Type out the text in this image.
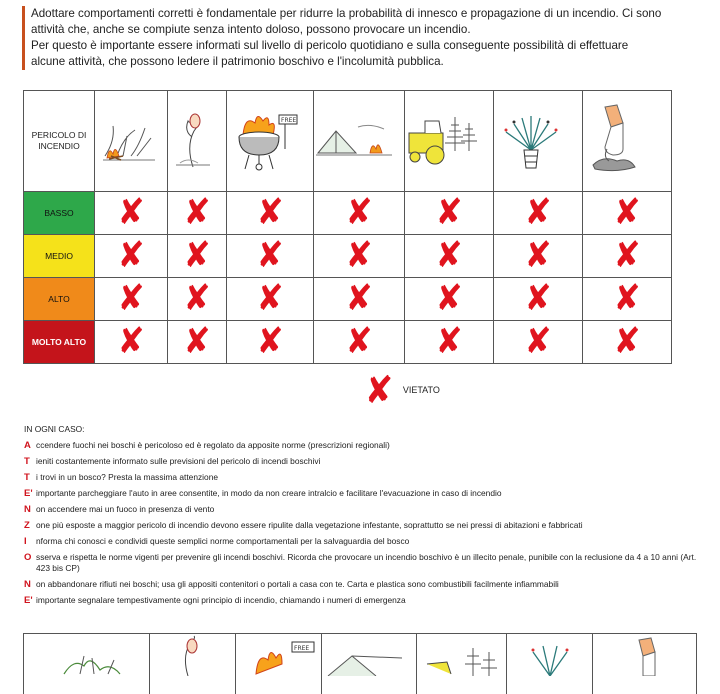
Adottare comportamenti corretti è fondamentale per ridurre la probabilità di innesco e propagazione di un incendio. Ci sono

attività che, anche se compiute senza intento doloso, possono provocare un incendio.

Per questo è importante essere informati sul livello di pericolo quotidiano e sulla conseguente possibilità di effettuare

alcune attività, che possono ledere il patrimonio boschivo e l'incolumità pubblica.

PERICOLO DI
INCENDIO			FREE

BASSO	✘	✘	✘	✘	✘	✘	✘
MEDIO	✘	✘	✘	✘	✘	✘	✘
ALTO	✘	✘	✘	✘	✘	✘	✘
MOLTO ALTO	✘	✘	✘	✘	✘	✘	✘
✘ VIETATO
IN OGNI CASO:
A ccendere fuochi nei boschi è pericoloso ed è regolato da apposite norme (prescrizioni regionali)
T ieniti costantemente informato sulle previsioni del pericolo di incendi boschivi
T i trovi in un bosco? Presta la massima attenzione
E' importante parcheggiare l'auto in aree consentite, in modo da non creare intralcio e facilitare l'evacuazione in caso di incendio
N on accendere mai un fuoco in presenza di vento
Z one più esposte a maggior pericolo di incendio devono essere ripulite dalla vegetazione infestante, soprattutto se nei pressi di abitazioni e fabbricati
I	nforma chi conosci e condividi queste semplici norme comportamentali per la salvaguardia del bosco
O sserva e rispetta le norme vigenti per prevenire gli incendi boschivi. Ricorda che provocare un incendio boschivo è un illecito penale, punibile con la reclusione da 4 a 10 anni (Art. 423 bis CP)
N on abbandonare rifiuti nei boschi; usa gli appositi contenitori o portali a casa con te. Carta e plastica sono combustibili facilmente infiammabili
E' importante segnalare tempestivamente ogni principio di incendio, chiamando i numeri di emergenza
FREE
